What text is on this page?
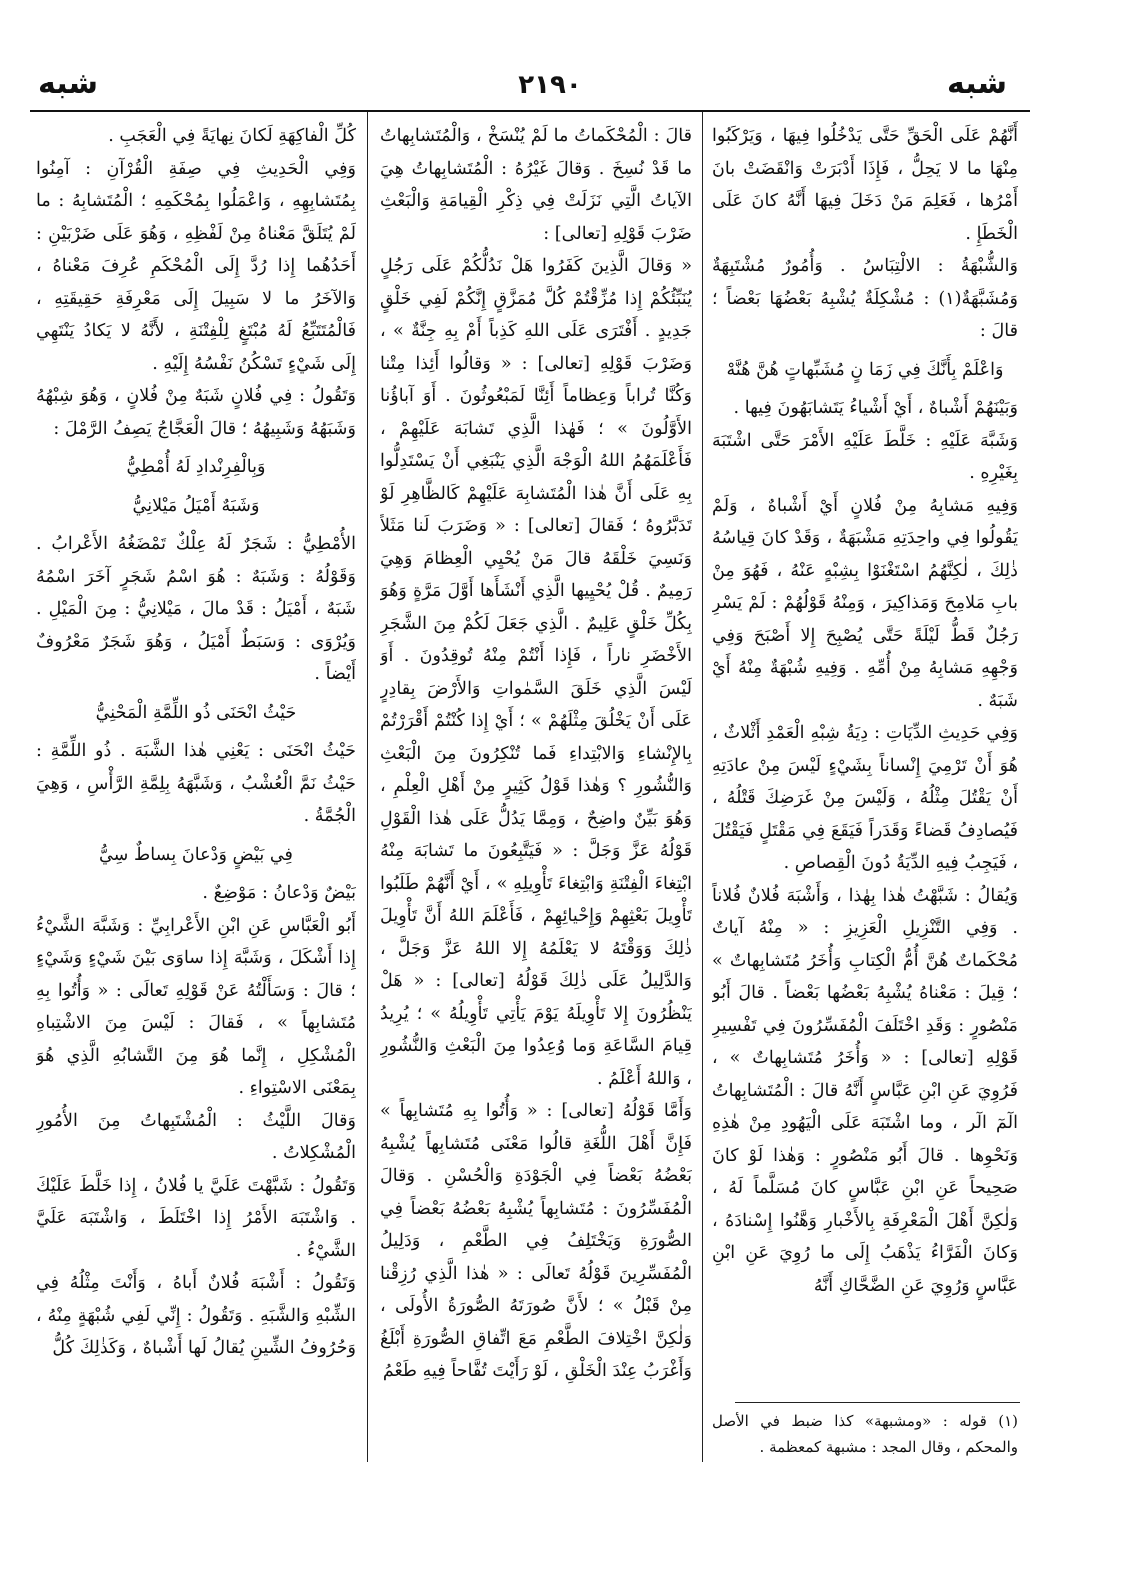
شبه
٢١٩٠
شبه

أَنَّهُمْ عَلَى الْحَقِّ حَتَّى يَدْخُلُوا فِيهَا ، وَيَرْكَبُوا مِنْهَا ما لا يَحِلُّ ، فَإِذَا أَدْبَرَتْ وَانْقَضَتْ بانَ أَمْرُها ، فَعَلِمَ مَنْ دَخَلَ فِيهَا أَنَّهُ كانَ عَلَى الْخَطَإِ .

وَالشُّبْهَةُ : الالْتِبَاسُ . وَأُمُورٌ مُشْتَبِهَةٌ وَمُشَبَّهَةٌ(١) : مُشْكِلَةٌ يُشْبِهُ بَعْضُهَا بَعْضاً ؛ قالَ :

وَاعْلَمْ بِأَنَّكَ فِي زَمَا نٍ مُشَبِّهاتٍ هُنَّ هُنَّهْ

وَبَيْنَهُمْ أَشْباهٌ ، أَيْ أَشْياءُ يَتَشابَهُونَ فِيها .

وَشَبَّهَ عَلَيْهِ : خَلَّطَ عَلَيْهِ الأَمْرَ حَتَّى اشْتَبَهَ بِغَيْرِهِ .

وَفِيهِ مَشابِهُ مِنْ فُلانٍ أَيْ أَشْباهٌ ، وَلَمْ يَقُولُوا فِي واحِدَتِهِ مَشْبَهَةٌ ، وَقَدْ كانَ قِياسُهُ ذٰلِكَ ، لٰكِنَّهُمُ اسْتَغْنَوْا بِشِبْهٍ عَنْهُ ، فَهُوَ مِنْ بابِ مَلامِحَ وَمَذاكِيرَ ، وَمِنْهُ قَوْلُهُمْ : لَمْ يَسْرِ رَجُلٌ قَطُّ لَيْلَةً حَتَّى يُصْبِحَ إِلا أَصْبَحَ وَفِي وَجْهِهِ مَشابِهُ مِنْ أُمِّهِ . وَفِيهِ شُبْهَةٌ مِنْهُ أَيْ شَبَهٌ .

وَفِي حَدِيثِ الدِّيَاتِ : دِيَةُ شِبْهِ الْعَمْدِ أَثْلاثٌ ، هُوَ أَنْ تَرْمِيَ إِنْساناً بِشَيْءٍ لَيْسَ مِنْ عادَتِهِ أَنْ يَقْتُلَ مِثْلُهُ ، وَلَيْسَ مِنْ غَرَضِكَ قَتْلُهُ ، فَيُصادِفُ قَضاءً وَقَدَراً فَيَقَعَ فِي مَقْتَلٍ فَيَقْتُلَ ، فَيَجِبُ فِيهِ الدِّيَةُ دُونَ الْقِصاصِ .

وَيُقالُ : شَبَّهْتُ هٰذا بِهٰذا ، وَأَشْبَهَ فُلانٌ فُلاناً . وَفِي التَّنْزِيلِ الْعَزِيزِ : « مِنْهُ آياتٌ مُحْكَماتٌ هُنَّ أُمُّ الْكِتابِ وَأُخَرُ مُتَشابِهاتٌ » ؛ قِيلَ : مَعْناهُ يُشْبِهُ بَعْضُها بَعْضاً . قالَ أَبُو مَنْصُورٍ : وَقَدِ اخْتَلَفَ الْمُفَسِّرُونَ فِي تَفْسِيرِ قَوْلِهِ [تعالى] : « وَأُخَرُ مُتَشابِهاتٌ » ، فَرُوِيَ عَنِ ابْنِ عَبَّاسٍ أَنَّهُ قالَ : الْمُتَشابِهاتُ الٓمٓ الٓر ، وما اشْتَبَهَ عَلَى الْيَهُودِ مِنْ هٰذِهِ وَنَحْوِها . قالَ أَبُو مَنْصُورٍ : وَهٰذا لَوْ كانَ صَحِيحاً عَنِ ابْنِ عَبَّاسٍ كانَ مُسَلَّماً لَهُ ، وَلٰكِنَّ أَهْلَ الْمَعْرِفَةِ بِالأَخْبارِ وَهَّنُوا إِسْنادَهُ ، وَكانَ الْفَرَّاءُ يَذْهَبُ إِلَى ما رُوِيَ عَنِ ابْنِ عَبَّاسٍ وَرُوِيَ عَنِ الضَّحَّاكِ أَنَّهُ

قالَ : الْمُحْكَماتُ ما لَمْ يُنْسَخْ ، وَالْمُتَشابِهاتُ ما قَدْ نُسِخَ . وَقالَ غَيْرُهُ : الْمُتَشابِهاتُ هِيَ الآياتُ الَّتِي نَزَلَتْ فِي ذِكْرِ الْقِيامَةِ وَالْبَعْثِ ضَرْبَ قَوْلِهِ [تعالى] :

« وَقالَ الَّذِينَ كَفَرُوا هَلْ نَدُلُّكُمْ عَلَى رَجُلٍ يُنَبِّئُكُمْ إِذا مُزِّقْتُمْ كُلَّ مُمَزَّقٍ إِنَّكُمْ لَفِي خَلْقٍ جَدِيدٍ . أَفْتَرَى عَلَى اللهِ كَذِباً أَمْ بِهِ جِنَّةٌ » ، وَضَرْبَ قَوْلِهِ [تعالى] : « وَقالُوا أَئِذا مِتْنا وَكُنَّا تُراباً وَعِظاماً أَئِنَّا لَمَبْعُوثُونَ . أَوَ آباؤُنا الأَوَّلُونَ » ؛ فَهٰذا الَّذِي تَشابَهَ عَلَيْهِمْ ، فَأَعْلَمَهُمُ اللهُ الْوَجْهَ الَّذِي يَنْبَغِي أَنْ يَسْتَدِلُّوا بِهِ عَلَى أَنَّ هٰذا الْمُتَشابِهَ عَلَيْهِمْ كَالظَّاهِرِ لَوْ تَدَبَّرُوهُ ؛ فَقالَ [تعالى] : « وَضَرَبَ لَنا مَثَلاً وَنَسِيَ خَلْقَهُ قالَ مَنْ يُحْيِي الْعِظامَ وَهِيَ رَمِيمٌ . قُلْ يُحْيِيها الَّذِي أَنْشَأَها أَوَّلَ مَرَّةٍ وَهُوَ بِكُلِّ خَلْقٍ عَلِيمٌ . الَّذِي جَعَلَ لَكُمْ مِنَ الشَّجَرِ الأَخْضَرِ ناراً ، فَإِذا أَنْتُمْ مِنْهُ تُوقِدُونَ . أَوَ لَيْسَ الَّذِي خَلَقَ السَّمٰواتِ وَالأَرْضَ بِقادِرٍ عَلَى أَنْ يَخْلُقَ مِثْلَهُمْ » ؛ أَيْ إِذا كُنْتُمْ أَقْرَرْتُمْ بِالإِنْشاءِ وَالابْتِداءِ فَما تُنْكِرُونَ مِنَ الْبَعْثِ وَالنُّشُورِ ؟ وَهٰذا قَوْلُ كَثِيرٍ مِنْ أَهْلِ الْعِلْمِ ، وَهُوَ بَيِّنٌ واضِحٌ ، وَمِمَّا يَدُلُّ عَلَى هٰذا الْقَوْلِ قَوْلُهُ عَزَّ وَجَلَّ : « فَيَتَّبِعُونَ ما تَشابَهَ مِنْهُ ابْتِغاءَ الْفِتْنَةِ وَابْتِغاءَ تَأْوِيلِهِ » ، أَيْ أَنَّهُمْ طَلَبُوا تَأْوِيلَ بَعْثِهِمْ وَإِحْيائِهِمْ ، فَأَعْلَمَ اللهُ أَنَّ تَأْوِيلَ ذٰلِكَ وَوَقْتَهُ لا يَعْلَمُهُ إِلا اللهُ عَزَّ وَجَلَّ ، وَالدَّلِيلُ عَلَى ذٰلِكَ قَوْلُهُ [تعالى] : « هَلْ يَنْظُرُونَ إِلا تَأْوِيلَهُ يَوْمَ يَأْتِي تَأْوِيلُهُ » ؛ يُرِيدُ قِيامَ السَّاعَةِ وَما وُعِدُوا مِنَ الْبَعْثِ وَالنُّشُورِ ، وَاللهُ أَعْلَمُ .

وَأَمَّا قَوْلُهُ [تعالى] : « وَأُتُوا بِهِ مُتَشابِهاً » فَإِنَّ أَهْلَ اللُّغَةِ قالُوا مَعْنَى مُتَشابِهاً يُشْبِهُ بَعْضُهُ بَعْضاً فِي الْجَوْدَةِ وَالْحُسْنِ . وَقالَ الْمُفَسِّرُونَ : مُتَشابِهاً يُشْبِهُ بَعْضُهُ بَعْضاً فِي الصُّورَةِ وَيَخْتَلِفُ فِي الطَّعْمِ ، وَدَلِيلُ الْمُفَسِّرِينَ قَوْلُهُ تَعالَى : « هٰذا الَّذِي رُزِقْنا مِنْ قَبْلُ » ؛ لأَنَّ صُورَتَهُ الصُّورَةُ الأُولَى ، وَلٰكِنَّ اخْتِلافَ الطَّعْمِ مَعَ اتِّفاقِ الصُّورَةِ أَبْلَغُ وَأَغْرَبُ عِنْدَ الْخَلْقِ ، لَوْ رَأَيْتَ تُفَّاحاً فِيهِ طَعْمُ

كُلِّ الْفاكِهَةِ لَكانَ نِهايَةً فِي الْعَجَبِ .

وَفِي الْحَدِيثِ فِي صِفَةِ الْقُرْآنِ : آمِنُوا بِمُتَشابِهِهِ ، وَاعْمَلُوا بِمُحْكَمِهِ ؛ الْمُتَشابِهُ : ما لَمْ يُتَلَقَّ مَعْناهُ مِنْ لَفْظِهِ ، وَهُوَ عَلَى ضَرْبَيْنِ : أَحَدُهُما إِذا رُدَّ إِلَى الْمُحْكَمِ عُرِفَ مَعْناهُ ، وَالآخَرُ ما لا سَبِيلَ إِلَى مَعْرِفَةِ حَقِيقَتِهِ ، فَالْمُتَتَبِّعُ لَهُ مُبْتَغٍ لِلْفِتْنَةِ ، لأَنَّهُ لا يَكادُ يَنْتَهِي إِلَى شَيْءٍ تَسْكُنُ نَفْسُهُ إِلَيْهِ .

وَتَقُولُ : فِي فُلانٍ شَبَهٌ مِنْ فُلانٍ ، وَهُوَ شِبْهُهُ وَشَبَهُهُ وَشَبِيهُهُ ؛ قالَ الْعَجَّاجُ يَصِفُ الرَّمْلَ :

وَبِالْفِرِنْدادِ لَهُ أُمْطِيُّ

وَشَبَهٌ أَمْيَلُ مَيْلانِيُّ

الأُمْطِيُّ : شَجَرٌ لَهُ عِلْكٌ تَمْضَغُهُ الأَعْرابُ . وَقَوْلُهُ : وَشَبَهٌ : هُوَ اسْمُ شَجَرٍ آخَرَ اسْمُهُ شَبَهٌ ، أَمْيَلُ : قَدْ مالَ ، مَيْلانِيُّ : مِنَ الْمَيْلِ . وَيُرْوَى : وَسَبَطٌ أَمْيَلُ ، وَهُوَ شَجَرٌ مَعْرُوفٌ أَيْضاً .

حَيْثُ انْحَنَى ذُو اللِّمَّةِ الْمَحْنِيُّ

حَيْثُ انْحَنَى : يَعْنِي هٰذا الشَّبَهَ . ذُو اللِّمَّةِ : حَيْثُ نَمَّ الْعُشْبُ ، وَشَبَّهَهُ بِلِمَّةِ الرَّأْسِ ، وَهِيَ الْجُمَّةُ .

فِي بَيْضٍ وَدْعانَ بِساطٌ سِيُّ

بَيْضٌ وَدْعانُ : مَوْضِعٌ .

أَبُو الْعَبَّاسِ عَنِ ابْنِ الأَعْرابِيِّ : وَشَبَّهَ الشَّيْءُ إِذا أَشْكَلَ ، وَشَبَّهَ إِذا ساوَى بَيْنَ شَيْءٍ وَشَيْءٍ ؛ قالَ : وَسَأَلْتُهُ عَنْ قَوْلِهِ تَعالَى : « وَأُتُوا بِهِ مُتَشابِهاً » ، فَقالَ : لَيْسَ مِنَ الاشْتِباهِ الْمُشْكِلِ ، إِنَّما هُوَ مِنَ التَّشابُهِ الَّذِي هُوَ بِمَعْنَى الاسْتِواءِ .

وَقالَ اللَّيْثُ : الْمُشْتَبِهاتُ مِنَ الأُمُورِ الْمُشْكِلاتُ .

وَتَقُولُ : شَبَّهْتَ عَلَيَّ يا فُلانُ ، إِذا خَلَّطَ عَلَيْكَ . وَاشْتَبَهَ الأَمْرُ إِذا اخْتَلَطَ ، وَاشْتَبَهَ عَلَيَّ الشَّيْءُ .

وَتَقُولُ : أَشْبَهَ فُلانٌ أَباهُ ، وَأَنْتَ مِثْلُهُ فِي الشِّبْهِ وَالشَّبَهِ . وَتَقُولُ : إِنِّي لَفِي شُبْهَةٍ مِنْهُ ، وَحُرُوفُ الشِّينِ يُقالُ لَها أَشْباهٌ ، وَكَذٰلِكَ كُلُّ

(١) قوله : «ومشبهة» كذا ضبط في الأصل والمحكم ، وقال المجد : مشبهة كمعظمة .
